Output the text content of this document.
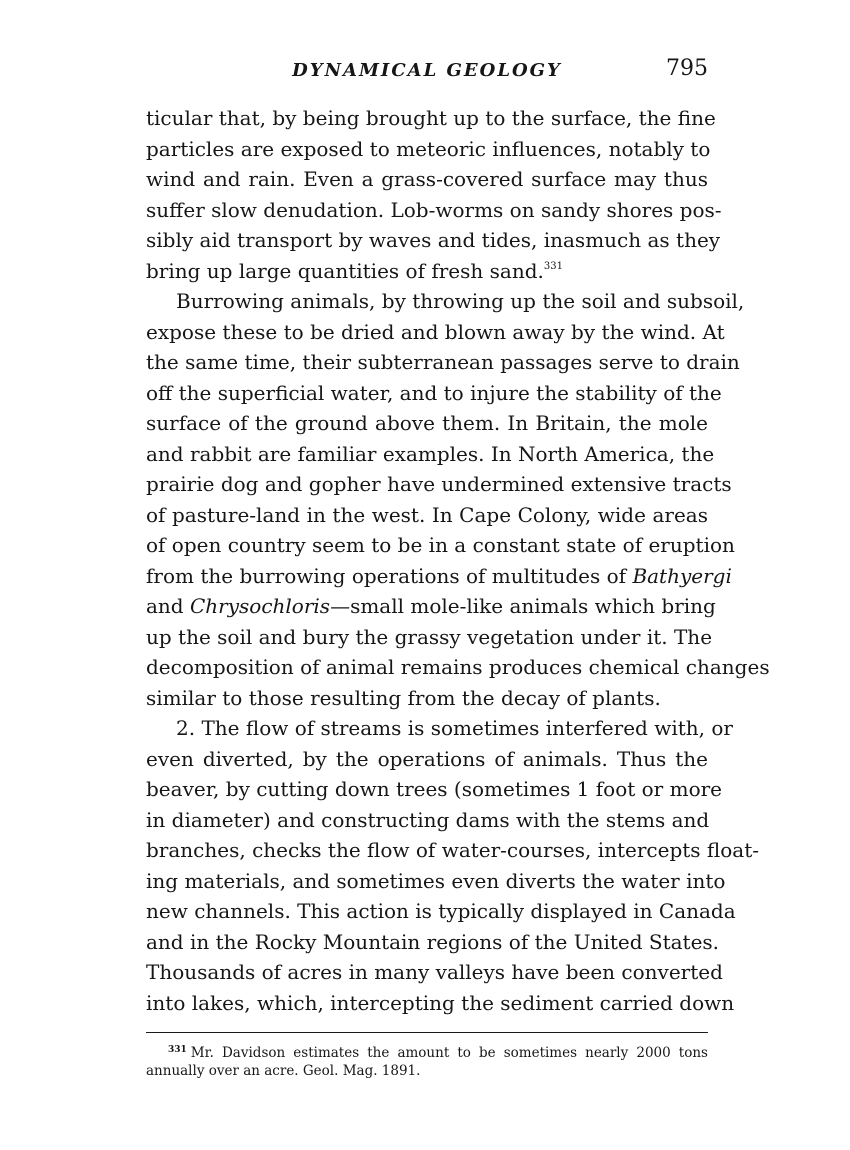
DYNAMICAL GEOLOGY	795
ticular that, by being brought up to the surface, the fine
particles are exposed to meteoric influences, notably to
wind and rain. Even a grass-covered surface may thus
suffer slow denudation. Lob-worms on sandy shores pos-
sibly aid transport by waves and tides, inasmuch as they
bring up large quantities of fresh sand.$^{331}$
Burrowing animals, by throwing up the soil and subsoil,
expose these to be dried and blown away by the wind. At
the same time, their subterranean passages serve to drain
off the superficial water, and to injure the stability of the
surface of the ground above them. In Britain, the mole
and rabbit are familiar examples. In North America, the
prairie dog and gopher have undermined extensive tracts
of pasture-land in the west. In Cape Colony, wide areas
of open country seem to be in a constant state of eruption
from the burrowing operations of multitudes of Bathyergi
and Chrysochloris—small mole-like animals which bring
up the soil and bury the grassy vegetation under it. The
decomposition of animal remains produces chemical changes
similar to those resulting from the decay of plants.
2. The flow of streams is sometimes interfered with, or
even diverted, by the operations of animals. Thus the
beaver, by cutting down trees (sometimes 1 foot or more
in diameter) and constructing dams with the stems and
branches, checks the flow of water-courses, intercepts float-
ing materials, and sometimes even diverts the water into
new channels. This action is typically displayed in Canada
and in the Rocky Mountain regions of the United States.
Thousands of acres in many valleys have been converted
into lakes, which, intercepting the sediment carried down
$^{331}$ Mr. Davidson estimates the amount to be sometimes nearly 2000 tons
annually over an acre. Geol. Mag. 1891.
